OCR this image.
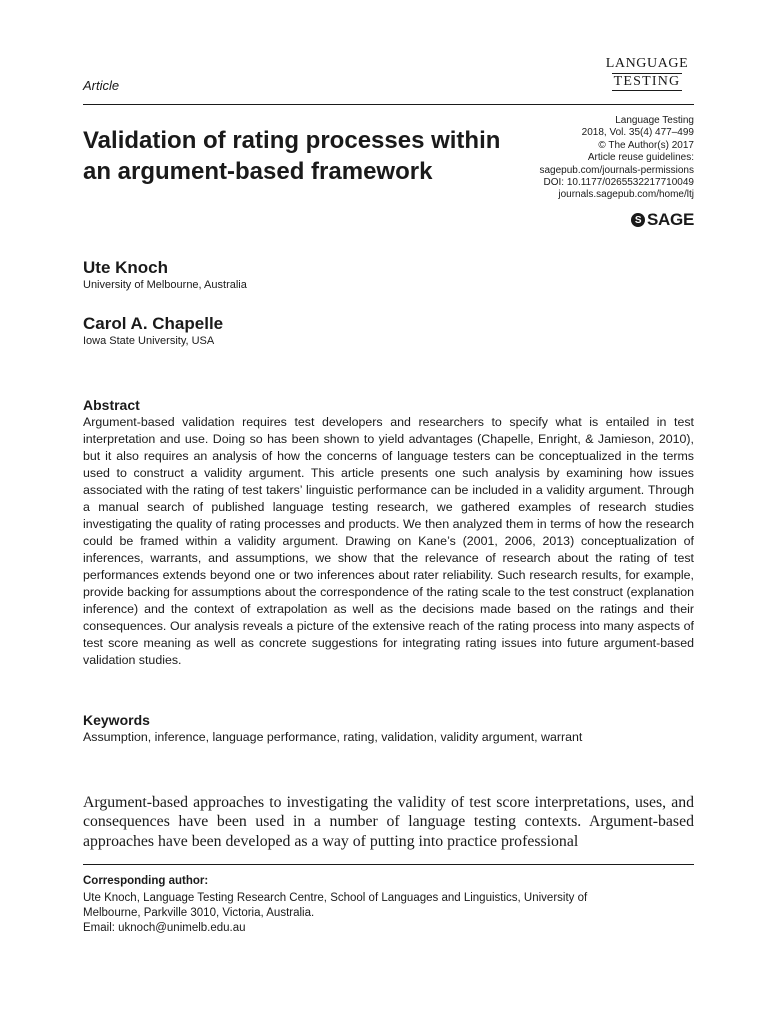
LANGUAGE
TESTING
Article
Language Testing
2018, Vol. 35(4) 477–499
© The Author(s) 2017
Article reuse guidelines:
sagepub.com/journals-permissions
DOI: 10.1177/0265532217710049
journals.sagepub.com/home/ltj
S SAGE
Validation of rating processes within an argument-based framework
Ute Knoch
University of Melbourne, Australia
Carol A. Chapelle
Iowa State University, USA
Abstract

Argument-based validation requires test developers and researchers to specify what is entailed in test interpretation and use. Doing so has been shown to yield advantages (Chapelle, Enright, & Jamieson, 2010), but it also requires an analysis of how the concerns of language testers can be conceptualized in the terms used to construct a validity argument. This article presents one such analysis by examining how issues associated with the rating of test takers’ linguistic performance can be included in a validity argument. Through a manual search of published language testing research, we gathered examples of research studies investigating the quality of rating processes and products. We then analyzed them in terms of how the research could be framed within a validity argument. Drawing on Kane’s (2001, 2006, 2013) conceptualization of inferences, warrants, and assumptions, we show that the relevance of research about the rating of test performances extends beyond one or two inferences about rater reliability. Such research results, for example, provide backing for assumptions about the correspondence of the rating scale to the test construct (explanation inference) and the context of extrapolation as well as the decisions made based on the ratings and their consequences. Our analysis reveals a picture of the extensive reach of the rating process into many aspects of test score meaning as well as concrete suggestions for integrating rating issues into future argument-based validation studies.

Keywords
Assumption, inference, language performance, rating, validation, validity argument, warrant

Argument-based approaches to investigating the validity of test score interpretations, uses, and consequences have been used in a number of language testing contexts. Argument-based approaches have been developed as a way of putting into practice professional

Corresponding author:
Ute Knoch, Language Testing Research Centre, School of Languages and Linguistics, University of
Melbourne, Parkville 3010, Victoria, Australia.
Email: uknoch@unimelb.edu.au
